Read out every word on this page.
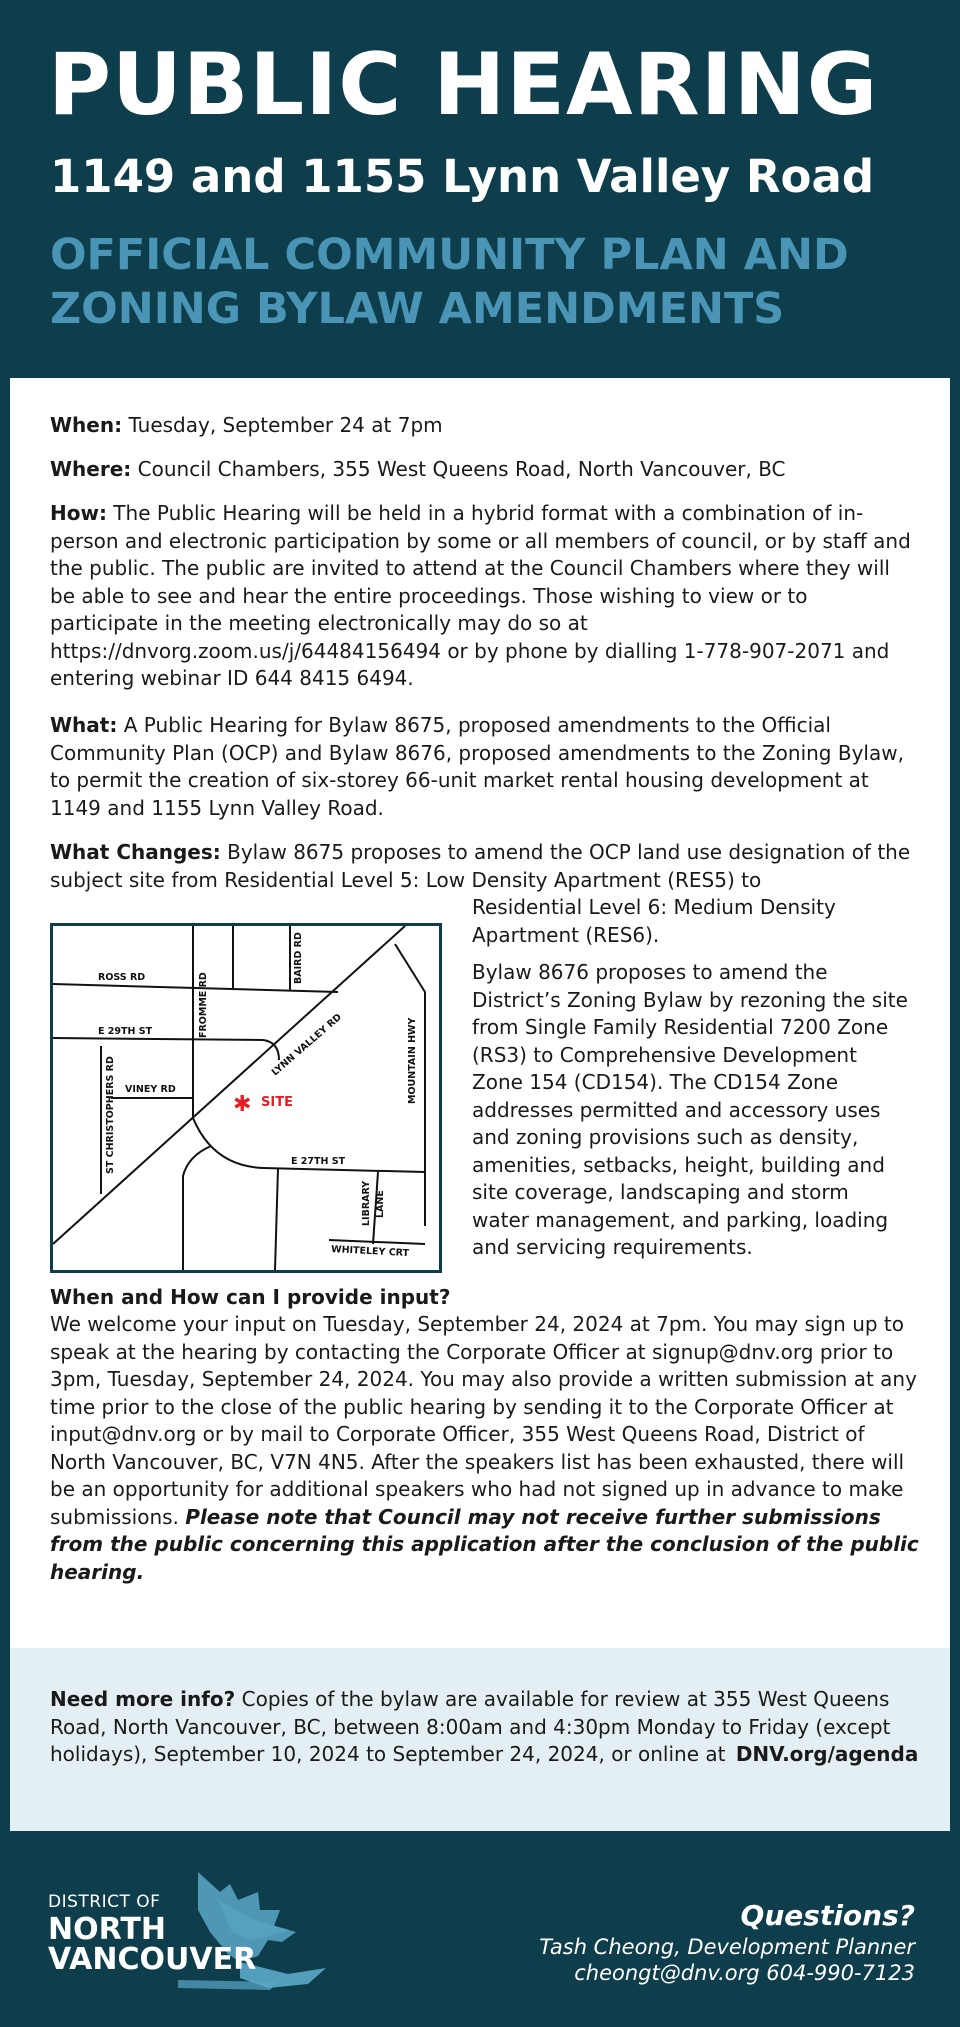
PUBLIC HEARING
1149 and 1155 Lynn Valley Road
OFFICIAL COMMUNITY PLAN AND ZONING BYLAW AMENDMENTS

When: Tuesday, September 24 at 7pm

Where: Council Chambers, 355 West Queens Road, North Vancouver, BC

How: The Public Hearing will be held in a hybrid format with a combination of in-person and electronic participation by some or all members of council, or by staff and the public. The public are invited to attend at the Council Chambers where they will be able to see and hear the entire proceedings. Those wishing to view or to participate in the meeting electronically may do so at https://dnvorg.zoom.us/j/64484156494 or by phone by dialling 1-778-907-2071 and entering webinar ID 644 8415 6494.

What: A Public Hearing for Bylaw 8675, proposed amendments to the Official Community Plan (OCP) and Bylaw 8676, proposed amendments to the Zoning Bylaw, to permit the creation of six-storey 66-unit market rental housing development at 1149 and 1155 Lynn Valley Road.

What Changes: Bylaw 8675 proposes to amend the OCP land use designation of the subject site from Residential Level 5: Low Density Apartment (RES5) to

Residential Level 6: Medium Density Apartment (RES6).

Bylaw 8676 proposes to amend the District’s Zoning Bylaw by rezoning the site from Single Family Residential 7200 Zone (RS3) to Comprehensive Development Zone 154 (CD154). The CD154 Zone addresses permitted and accessory uses and zoning provisions such as density, amenities, setbacks, height, building and site coverage, landscaping and storm water management, and parking, loading and servicing requirements.

ROSS RD	BAIRD RD
FROMME RD
E 29TH ST	LYNN VALLEY RD	MOUNTAIN HWY
VINEY RD
ST CHRISTOPHERS RD	E 27TH ST
LIBRARY LANE
WHITELEY CRT
✱ SITE

When and How can I provide input?

We welcome your input on Tuesday, September 24, 2024 at 7pm. You may sign up to speak at the hearing by contacting the Corporate Officer at signup@dnv.org prior to 3pm, Tuesday, September 24, 2024. You may also provide a written submission at any time prior to the close of the public hearing by sending it to the Corporate Officer at input@dnv.org or by mail to Corporate Officer, 355 West Queens Road, District of North Vancouver, BC, V7N 4N5. After the speakers list has been exhausted, there will be an opportunity for additional speakers who had not signed up in advance to make submissions. Please note that Council may not receive further submissions from the public concerning this application after the conclusion of the public hearing.

Need more info? Copies of the bylaw are available for review at 355 West Queens Road, North Vancouver, BC, between 8:00am and 4:30pm Monday to Friday (except holidays), September 10, 2024 to September 24, 2024, or online at DNV.org/agenda

DISTRICT OF

NORTH

VANCOUVER

Questions?

Tash Cheong, Development Planner

cheongt@dnv.org 604-990-7123
